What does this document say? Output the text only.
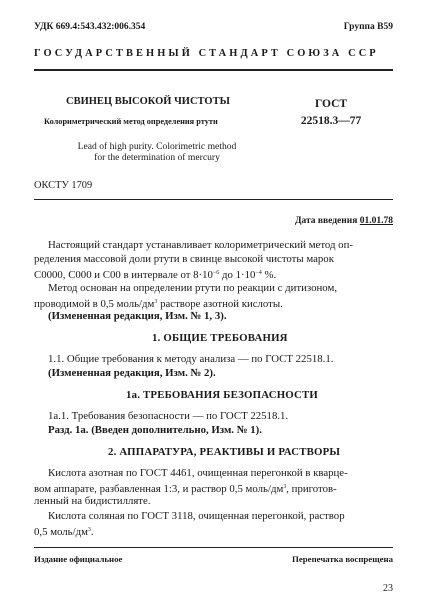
УДК 669.4:543.432:006.354	Группа В59
ГОСУДАРСТВЕННЫЙ СТАНДАРТ СОЮЗА ССР
СВИНЕЦ ВЫСОКОЙ ЧИСТОТЫ
Колориметрический метод определения ртути
Lead of high purity. Colorimetric method
for the determination of mercury
ГОСТ
22518.3—77
ОКСТУ 1709
Дата введения 01.01.78
Настоящий стандарт устанавливает колориметрический метод оп-
ределения массовой доли ртути в свинце высокой чистоты марок
С0000, С000 и С00 в интервале от $8\cdot 10^{-6}$ до $1\cdot 10^{-4}$ %.
Метод основан на определении ртути по реакции с дитизоном,
проводимой в 0,5 моль/$дм^3$ растворе азотной кислоты.
(Измененная редакция, Изм. № 1, 3).
1. ОБЩИЕ ТРЕБОВАНИЯ
1.1. Общие требования к методу анализа — по ГОСТ 22518.1.
(Измененная редакция, Изм. № 2).
1а. ТРЕБОВАНИЯ БЕЗОПАСНОСТИ
1а.1. Требования безопасности — по ГОСТ 22518.1.
Разд. 1а. (Введен дополнительно, Изм. № 1).
2. АППАРАТУРА, РЕАКТИВЫ И РАСТВОРЫ
Кислота азотная по ГОСТ 4461, очищенная перегонкой в кварце-
вом аппарате, разбавленная 1:3, и раствор 0,5 моль/$дм^3$, приготов-
ленный на бидистилляте.
Кислота соляная по ГОСТ 3118, очищенная перегонкой, раствор
0,5 моль/$дм^3$.
Издание официальное	Перепечатка воспрещена
23
